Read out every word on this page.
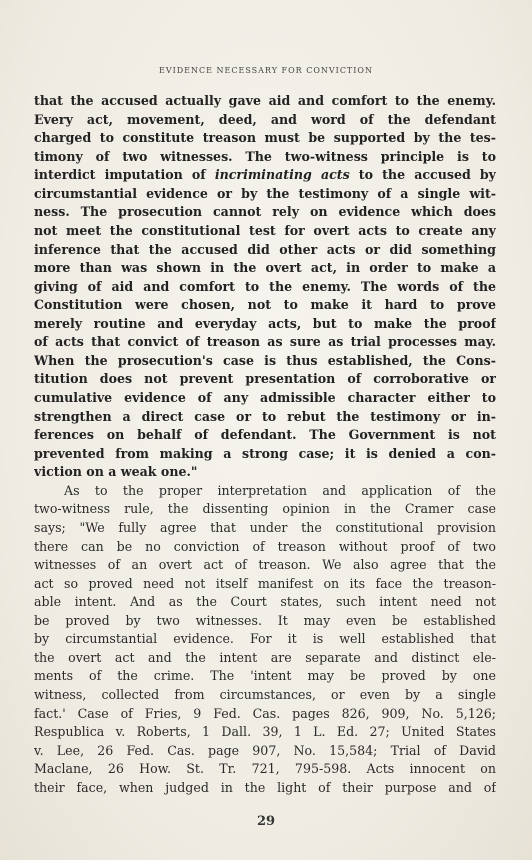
EVIDENCE NECESSARY FOR CONVICTION

that the accused actually gave aid and comfort to the enemy.
Every act, movement, deed, and word of the defendant
charged to constitute treason must be supported by the tes-
timony of two witnesses. The two-witness principle is to
interdict imputation of incriminating acts to the accused by
circumstantial evidence or by the testimony of a single wit-
ness. The prosecution cannot rely on evidence which does
not meet the constitutional test for overt acts to create any
inference that the accused did other acts or did something
more than was shown in the overt act, in order to make a
giving of aid and comfort to the enemy. The words of the
Constitution were chosen, not to make it hard to prove
merely routine and everyday acts, but to make the proof
of acts that convict of treason as sure as trial processes may.
When the prosecution's case is thus established, the Cons-
titution does not prevent presentation of corroborative or
cumulative evidence of any admissible character either to
strengthen a direct case or to rebut the testimony or in-
ferences on behalf of defendant. The Government is not
prevented from making a strong case; it is denied a con-
viction on a weak one."

As to the proper interpretation and application of the
two-witness rule, the dissenting opinion in the Cramer case
says; "We fully agree that under the constitutional provision
there can be no conviction of treason without proof of two
witnesses of an overt act of treason. We also agree that the
act so proved need not itself manifest on its face the treason-
able intent. And as the Court states, such intent need not
be proved by two witnesses. It may even be established
by circumstantial evidence. For it is well established that
the overt act and the intent are separate and distinct ele-
ments of the crime. The 'intent may be proved by one
witness, collected from circumstances, or even by a single
fact.' Case of Fries, 9 Fed. Cas. pages 826, 909, No. 5,126;
Respublica v. Roberts, 1 Dall. 39, 1 L. Ed. 27; United States
v. Lee, 26 Fed. Cas. page 907, No. 15,584; Trial of David
Maclane, 26 How. St. Tr. 721, 795-598. Acts innocent on
their face, when judged in the light of their purpose and of

29
